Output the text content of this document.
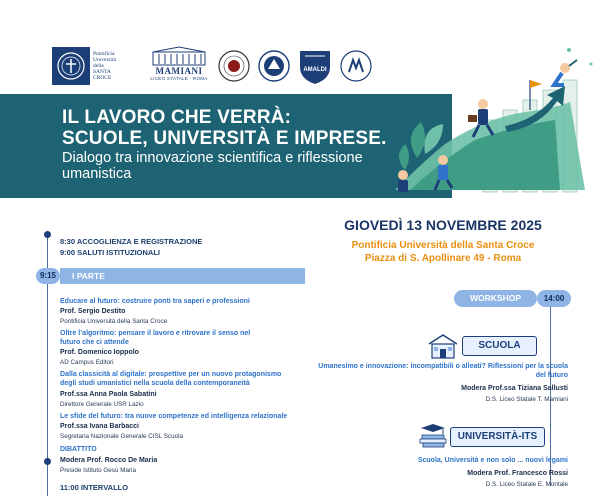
Pontificia
Università
della
SANTA
CROCE
MAMIANI
LICEO STATALE · ROMA
AMALDI
IL LAVORO CHE VERRÀ:
SCUOLE, UNIVERSITÀ E IMPRESE.
Dialogo tra innovazione scientifica e riflessione umanistica
GIOVEDÌ 13 NOVEMBRE 2025
Pontificia Università della Santa Croce
Piazza di S. Apollinare 49 - Roma
8:30 ACCOGLIENZA E REGISTRAZIONE
9:00 SALUTI ISTITUZIONALI
9:15	I PARTE
Educare al futuro: costruire ponti tra saperi e professioni
Prof. Sergio Destito
Pontificia Università della Santa Croce
Oltre l’algoritmo: pensare il lavoro e ritrovare il senso nel futuro che ci attende
Prof. Domenico Ioppolo
AD Campus Editori
Dalla classicità al digitale: prospettive per un nuovo protagonismo degli studi umanistici nella scuola della contemporaneità
Prof.ssa Anna Paola Sabatini
Direttore Generale USR Lazio
Le sfide del futuro: tra nuove competenze ed intelligenza relazionale
Prof.ssa Ivana Barbacci
Segretaria Nazionale Generale CISL Scuola
DIBATTITO
Modera Prof. Rocco De Maria
Preside Istituto Gesù Maria
11:00 INTERVALLO
WORKSHOP	14:00
SCUOLA
Umanesimo e innovazione: incompatibili o alleati? Riflessioni per la scuola del futuro
Modera Prof.ssa Tiziana Sallusti
D.S. Liceo Statale T. Mamiani
UNIVERSITÀ-ITS
Scuola, Università e non solo ... nuovi legami
Modera Prof. Francesco Rossi
D.S. Liceo Statale E. Montale
